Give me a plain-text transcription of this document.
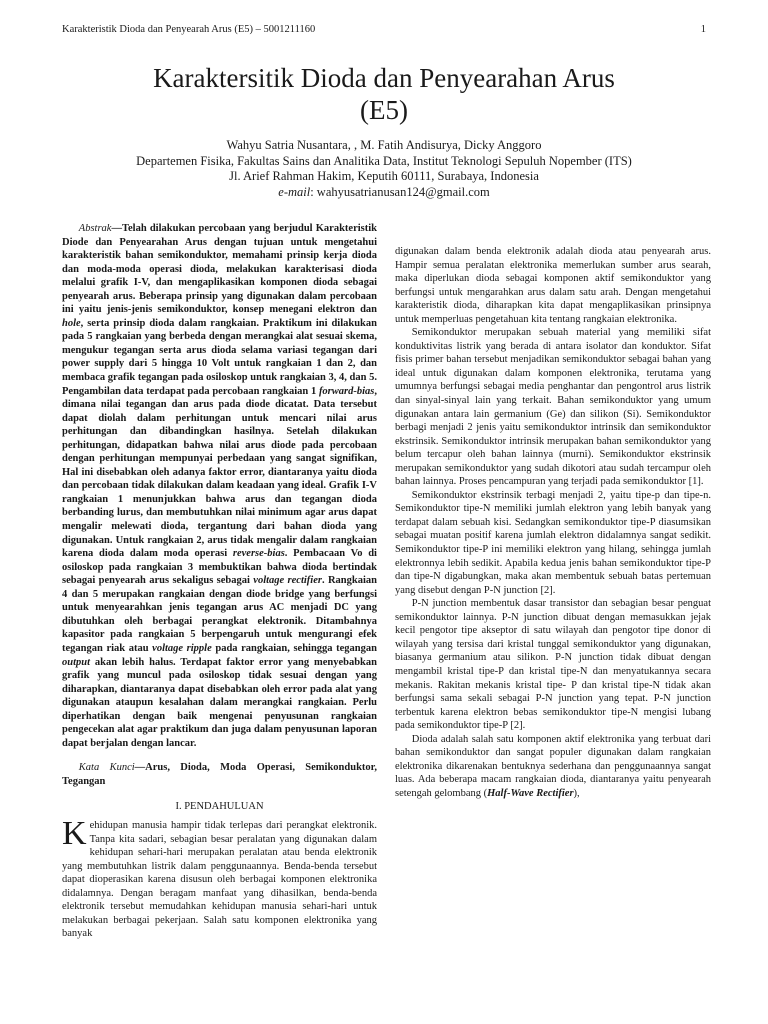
Karakteristik Dioda dan Penyearah Arus (E5) – 5001211160	1
Karaktersitik Dioda dan Penyearahan Arus
(E5)
Wahyu Satria Nusantara, , M. Fatih Andisurya, Dicky Anggoro
Departemen Fisika, Fakultas Sains dan Analitika Data, Institut Teknologi Sepuluh Nopember (ITS)
Jl. Arief Rahman Hakim, Keputih 60111, Surabaya, Indonesia
e-mail: wahyusatrianusan124@gmail.com

Abstrak—Telah dilakukan percobaan yang berjudul Karakteristik Diode dan Penyearahan Arus dengan tujuan untuk mengetahui karakteristik bahan semikonduktor, memahami prinsip kerja dioda dan moda-moda operasi dioda, melakukan karakterisasi dioda melalui grafik I-V, dan mengaplikasikan komponen dioda sebagai penyearah arus. Beberapa prinsip yang digunakan dalam percobaan ini yaitu jenis-jenis semikonduktor, konsep menegani elektron dan hole, serta prinsip dioda dalam rangkaian. Praktikum ini dilakukan pada 5 rangkaian yang berbeda dengan merangkai alat sesuai skema, mengukur tegangan serta arus dioda selama variasi tegangan dari power supply dari 5 hingga 10 Volt untuk rangkaian 1 dan 2, dan membaca grafik tegangan pada osiloskop untuk rangkaian 3, 4, dan 5. Pengambilan data terdapat pada percobaan rangkaian 1 forward-bias, dimana nilai tegangan dan arus pada diode dicatat. Data tersebut dapat diolah dalam perhitungan untuk mencari nilai arus perhitungan dan dibandingkan hasilnya. Setelah dilakukan perhitungan, didapatkan bahwa nilai arus diode pada percobaan dengan perhitungan mempunyai perbedaan yang sangat signifikan, Hal ini disebabkan oleh adanya faktor error, diantaranya yaitu dioda dan percobaan tidak dilakukan dalam keadaan yang ideal. Grafik I-V rangkaian 1 menunjukkan bahwa arus dan tegangan dioda berbanding lurus, dan membutuhkan nilai minimum agar arus dapat mengalir melewati dioda, tergantung dari bahan dioda yang digunakan. Untuk rangkaian 2, arus tidak mengalir dalam rangkaian karena dioda dalam moda operasi reverse-bias. Pembacaan Vo di osiloskop pada rangkaian 3 membuktikan bahwa dioda bertindak sebagai penyearah arus sekaligus sebagai voltage rectifier. Rangkaian 4 dan 5 merupakan rangkaian dengan diode bridge yang berfungsi untuk menyearahkan jenis tegangan arus AC menjadi DC yang dibutuhkan oleh berbagai perangkat elektronik. Ditambahnya kapasitor pada rangkaian 5 berpengaruh untuk mengurangi efek tegangan riak atau voltage ripple pada rangkaian, sehingga tegangan output akan lebih halus. Terdapat faktor error yang menyebabkan grafik yang muncul pada osiloskop tidak sesuai dengan yang diharapkan, diantaranya dapat disebabkan oleh error pada alat yang digunakan ataupun kesalahan dalam merangkai rangkaian. Perlu diperhatikan dengan baik mengenai penyusunan rangkaian pengecekan alat agar praktikum dan juga dalam penyusunan laporan dapat berjalan dengan lancar.

Kata Kunci—Arus, Dioda, Moda Operasi, Semikonduktor, Tegangan

I. PENDAHULUAN
K ehidupan manusia hampir tidak terlepas dari perangkat elektronik. Tanpa kita sadari, sebagian besar peralatan yang digunakan dalam kehidupan sehari-hari merupakan peralatan atau benda elektronik yang membutuhkan listrik dalam penggunaannya. Benda-benda tersebut dapat dioperasikan karena disusun oleh berbagai komponen elektronika didalamnya. Dengan beragam manfaat yang dihasilkan, benda-benda elektronik tersebut memudahkan kehidupan manusia sehari-hari untuk melakukan berbagai pekerjaan. Salah satu komponen elektronika yang banyak

digunakan dalam benda elektronik adalah dioda atau penyearah arus. Hampir semua peralatan elektronika memerlukan sumber arus searah, maka diperlukan dioda sebagai komponen aktif semikonduktor yang berfungsi untuk mengarahkan arus dalam satu arah. Dengan mengetahui karakteristik dioda, diharapkan kita dapat mengaplikasikan prinsipnya untuk memperluas pengetahuan kita tentang rangkaian elektronika.

Semikonduktor merupakan sebuah material yang memiliki sifat konduktivitas listrik yang berada di antara isolator dan konduktor. Sifat fisis primer bahan tersebut menjadikan semikonduktor sebagai bahan yang ideal untuk digunakan dalam komponen elektronika, terutama yang umumnya berfungsi sebagai media penghantar dan pengontrol arus listrik dan sinyal-sinyal lain yang terkait. Bahan semikonduktor yang umum digunakan antara lain germanium (Ge) dan silikon (Si). Semikonduktor berbagi menjadi 2 jenis yaitu semikonduktor intrinsik dan semikonduktor ekstrinsik. Semikonduktor intrinsik merupakan bahan semikonduktor yang belum tercapur oleh bahan lainnya (murni). Semikonduktor ekstrinsik merupakan semikonduktor yang sudah dikotori atau sudah tercampur oleh bahan lainnya. Proses pencampuran yang terjadi pada semikonduktor [1].

Semikonduktor ekstrinsik terbagi menjadi 2, yaitu tipe-p dan tipe-n. Semikonduktor tipe-N memiliki jumlah elektron yang lebih banyak yang terdapat dalam sebuah kisi. Sedangkan semikonduktor tipe-P diasumsikan sebagai muatan positif karena jumlah elektron didalamnya sangat sedikit. Semikonduktor tipe-P ini memiliki elektron yang hilang, sehingga jumlah elektronnya lebih sedikit. Apabila kedua jenis bahan semikonduktor tipe-P dan tipe-N digabungkan, maka akan membentuk sebuah batas pertemuan yang disebut dengan P-N junction [2].

P-N junction membentuk dasar transistor dan sebagian besar penguat semikonduktor lainnya. P-N junction dibuat dengan memasukkan jejak kecil pengotor tipe akseptor di satu wilayah dan pengotor tipe donor di wilayah yang tersisa dari kristal tunggal semikonduktor yang digunakan, biasanya germanium atau silikon. P-N junction tidak dibuat dengan mengambil kristal tipe-P dan kristal tipe-N dan menyatukannya secara mekanis. Rakitan mekanis kristal tipe- P dan kristal tipe-N tidak akan berfungsi sama sekali sebagai P-N junction yang tepat. P-N junction terbentuk karena elektron bebas semikonduktor tipe-N mengisi lubang pada semikonduktor tipe-P [2].

Dioda adalah salah satu komponen aktif elektronika yang terbuat dari bahan semikonduktor dan sangat populer digunakan dalam rangkaian elektronika dikarenakan bentuknya sederhana dan penggunaannya sangat luas. Ada beberapa macam rangkaian dioda, diantaranya yaitu penyearah setengah gelombang (Half-Wave Rectifier),
